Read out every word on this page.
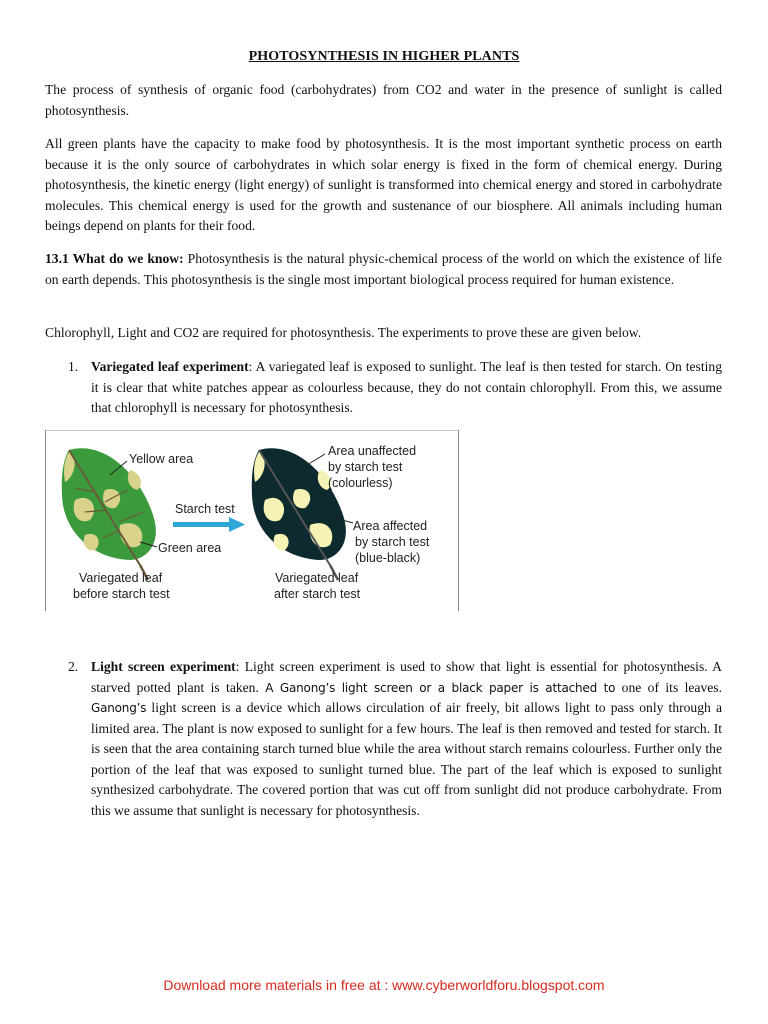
PHOTOSYNTHESIS IN HIGHER PLANTS

The process of synthesis of organic food (carbohydrates) from CO2 and water in the presence of sunlight is called photosynthesis.

All green plants have the capacity to make food by photosynthesis. It is the most important synthetic process on earth because it is the only source of carbohydrates in which solar energy is fixed in the form of chemical energy. During photosynthesis, the kinetic energy (light energy) of sunlight is transformed into chemical energy and stored in carbohydrate molecules. This chemical energy is used for the growth and sustenance of our biosphere. All animals including human beings depend on plants for their food.

13.1 What do we know: Photosynthesis is the natural physic-chemical process of the world on which the existence of life on earth depends. This photosynthesis is the single most important biological process required for human existence.

Chlorophyll, Light and CO2 are required for photosynthesis. The experiments to prove these are given below.

1. Variegated leaf experiment: A variegated leaf is exposed to sunlight. The leaf is then tested for starch. On testing it is clear that white patches appear as colourless because, they do not contain chlorophyll. From this, we assume that chlorophyll is necessary for photosynthesis.

Yellow area
Green area
Starch test
Area unaffected
by starch test
(colourless)
Area affected
by starch test
(blue-black)
Variegated leaf
before starch test
Variegated leaf
after starch test
2. Light screen experiment: Light screen experiment is used to show that light is essential for photosynthesis. A starved potted plant is taken. A Ganong’s light screen or a black paper is attached to one of its leaves. Ganong’s light screen is a device which allows circulation of air freely, bit allows light to pass only through a limited area. The plant is now exposed to sunlight for a few hours. The leaf is then removed and tested for starch. It is seen that the area containing starch turned blue while the area without starch remains colourless. Further only the portion of the leaf that was exposed to sunlight turned blue. The part of the leaf which is exposed to sunlight synthesized carbohydrate. The covered portion that was cut off from sunlight did not produce carbohydrate. From this we assume that sunlight is necessary for photosynthesis.

Download more materials in free at : www.cyberworldforu.blogspot.com
